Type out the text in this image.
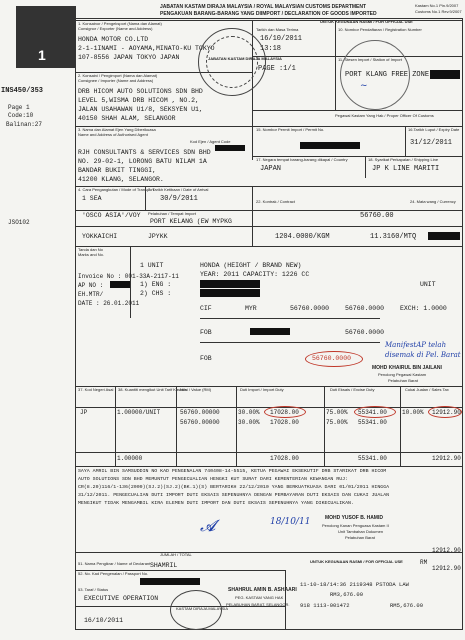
1
JABATAN KASTAM DIRAJA MALAYSIA / ROYAL MALAYSIAN CUSTOMS DEPARTMENT
PENGAKUAN BARANG-BARANG YANG DIIMPORT / DECLARATION OF GOODS IMPORTED
Kastam No.1 Pin.9/2007
Customs No.1 Rev.9/2007
UNTUK KEGUNAAN RASMI / FOR OFFICIAL USE
INS450/353
Page 1
Code:10
Balinan:27
JSO102
1. Konsainor / Pengeksport (Nama dan Alamat)
Consignor / Exporter (Name and Address)
HONDA MOTOR CO.LTD
2-1-1INAMI - AOYAMA,MINATO-KU TOKYO
107-8556 JAPAN TOKYO JAPAN
2. Konsaini / Pengimport (Nama dan Alamat)
Consignee / Importer (Name and Address)
DRB HICOM AUTO SOLUTIONS SDN BHD
LEVEL 5,WISMA DRB HICOM , NO.2,
JALAN USAHAWAN U1/8, SEKSYEN U1,
40150 SHAH ALAM, SELANGOR
3. Nama dan Alamat Ejen Yang Diberikuasa
Name and Address of Authorised Agent
Kod Ejen / Agent Code
RJH CONSULTANTS & SERVICES SDN BHD
NO. 29-02-1, LORONG BATU NILAM 1A
BANDAR BUKIT TINGGI,
41200 KLANG, SELANGOR.
10. Nombor Pendaftaran / Registration Number
Tarikh dan Masa Terima
16/10/2011
13:18
PAGE :1/1
11. Stesen Import / Station of Import
PORT KLANG FREE ZONE
Pegawai Kastam Yang Hak / Proper Officer Of Customs
JABATAN KASTAM DIRAJA MALAYSIA
~
15. Nombor Permit Import / Permit No.	16.Tarikh Luput / Expiry Date
31/12/2011
17. Negara tempat barang-barang dikapal / Country
JAPAN
18. Syarikat Perkapalan / Shipping Line
JP K LINE MARITI
4. Cara Pengangkutan / Mode of Transport
1 SEA
7. Tarikh Ketibaan / Date of Arrival
30/9/2011
'OSCO ASIA'/VOY Pelabuhan / Tempat Import
PORT KELANG (EW MYPKG
22. Kontrak / Contract	24. Mata wang / Currency
56760.00
YOKKAICHI	JPYKK	1204.0000/KGM	11.3160/MTQ
Tanda dan No
Marks and No.
1 UNIT	HONDA (HEIGHT / BRAND NEW)
YEAR: 2011 CAPACITY: 1226 CC
1) ENG :
2) CHS :
UNIT
Invoice No : 001-33A-2117-11
AP NO :
EH.MTR/
DATE : 26.01.2011
CIF	MYR	56760.0000 56760.0000 EXCH: 1.0000
FOB	56760.0000
FOB	56760.0000
ManifestAP telah
disemak di Pel. Barat
MOHD KHAIRUL BIN JAILANI
Penolong Pegawai Kastam
Pelabuhan Barat
37. Kod Negeri Asal 38. Kuantiti mengikut Unit Tarif Kastam
Nilai / Value (RM)	Duti Import / Import Duty	Duti Eksais / Excise Duty	Cukai Jualan / Sales Tax
JP	1.00000/UNIT	56760.00000	30.00% 17028.00	75.00% 55341.00	10.00% 12912.90
56760.00000	30.00% 17028.00	75.00% 55341.00
1.00000	17028.00	55341.00	12912.90
SAYA AMRIL BIN SAMSUDDIN NO KAD PENGENALAN 740408-14-5515, KETUA PEGAWAI EKSEKUTIF DRB STARIKAT DRB HICOM
AUTO SOLUTIONS SDN BHD MEMUNTUT PENGECUALIAN HENGKI KUT SURAT DARI KEMENTERIAN KEWANGAN RUJ:
CR(8.20)116/1-136(2009)(SJ.2)(SJ.2)(BK.1)(S) BERTARIKH 22/12/2010 YANG BERKUATKUASA DARI 01/01/2011 HINGGA
31/12/2011. PENGECUALIAN DUTI IMPORT DUTI EKSAIS SEPENUHNYA DENGAN PEMBAYARAN DUTI EKSAIS DAN CUKAI JUALAN
MENGIKUT TIDAK MENGAMBIL KIRA ELEMEN DUTI IMPORT DAN DUTI EKSAIS SEPENUHNYA YANG DIKECUALIKAN.
MOHD YUSOF B. HAMID
Penolong Kanan Penguasa Kastam II
Unit Tambahan Dokumen
Pelabuhan Barat
18/10/11
𝓐
JUMLAH / TOTAL
12912.90
RM
12912.90
UNTUK KEGUNAAN RASMI / FOR OFFICIAL USE
51. Nama Pengikrar / Name of Declarant SHAMRIL
52. No. Kad Pengenalan / Passport No.
53. Taraf / Status
EXECUTIVE OPERATION
16/10/2011
KASTAM DIRAJA MALAYSIA
SHAHRUL AMIN B. ASHAARI
PEG. KASTAM YANG HAK
PELABUHAN BARAT, SELANGOR.
11-10-18/14:36 2119348 PSTODA LAW
RM3,676.00
918 1113-001472	RM5,676.00
